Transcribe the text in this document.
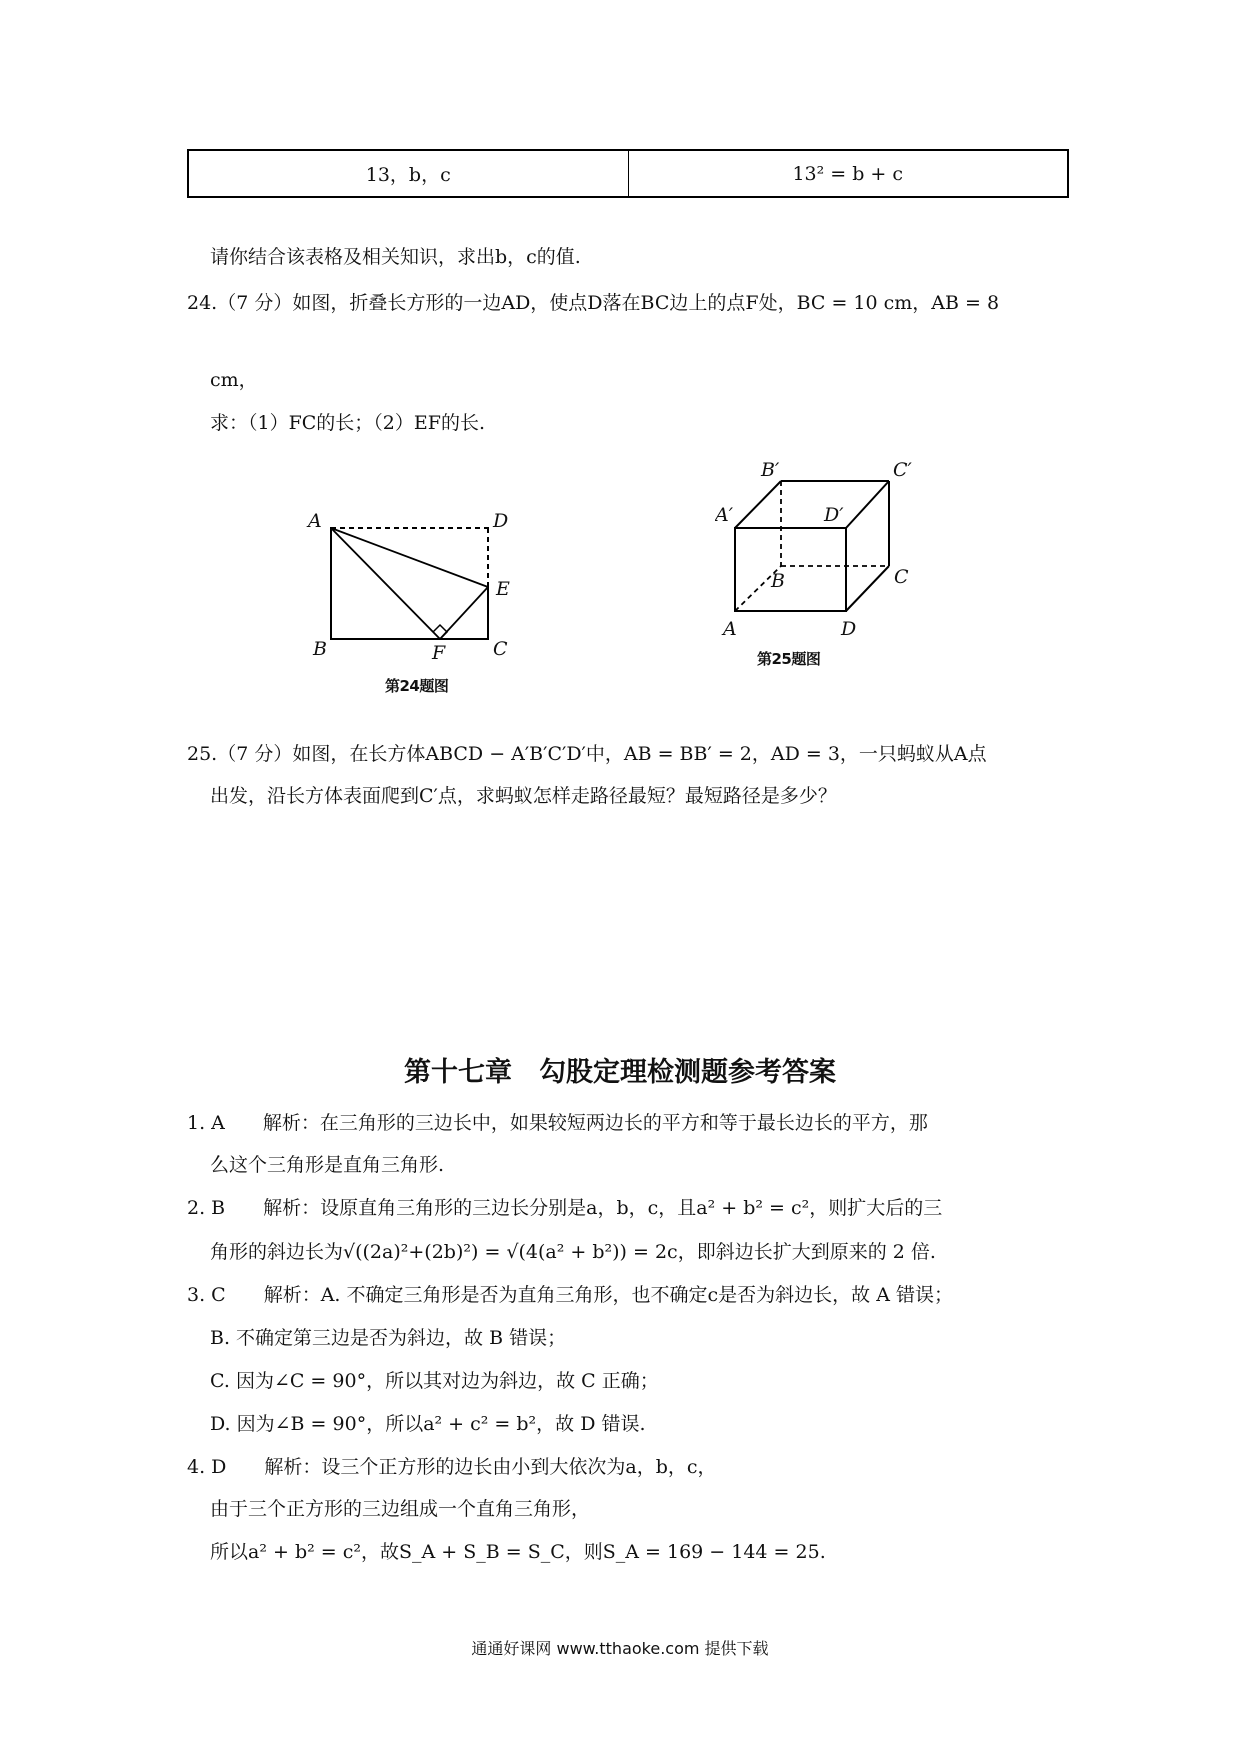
13，b，c	13² = b + c
请你结合该表格及相关知识，求出b，c的值.
24.（7 分）如图，折叠长方形的一边AD，使点D落在BC边上的点F处，BC = 10 cm，AB = 8
cm，
求：（1）FC的长；（2）EF的长.
A	D
E
B	F	C
第24题图
B′	C′
A′	D′
B	C
A	D
第25题图
25.（7 分）如图，在长方体ABCD − A′B′C′D′中，AB = BB′ = 2，AD = 3，一只蚂蚁从A点
出发，沿长方体表面爬到C′点，求蚂蚁怎样走路径最短？最短路径是多少？
第十七章　勾股定理检测题参考答案
1. A　　解析：在三角形的三边长中，如果较短两边长的平方和等于最长边长的平方，那
么这个三角形是直角三角形.
2. B　　解析：设原直角三角形的三边长分别是a，b，c，且a² + b² = c²，则扩大后的三
角形的斜边长为√((2a)²+(2b)²) = √(4(a² + b²)) = 2c，即斜边长扩大到原来的 2 倍.
3. C　　解析：A. 不确定三角形是否为直角三角形，也不确定c是否为斜边长，故 A 错误；
B. 不确定第三边是否为斜边，故 B 错误；
C. 因为∠C = 90°，所以其对边为斜边，故 C 正确；
D. 因为∠B = 90°，所以a² + c² = b²，故 D 错误.
4. D　　解析：设三个正方形的边长由小到大依次为a，b，c，
由于三个正方形的三边组成一个直角三角形，
所以a² + b² = c²，故S_A + S_B = S_C，则S_A = 169 − 144 = 25.
通通好课网 www.tthaoke.com 提供下载
